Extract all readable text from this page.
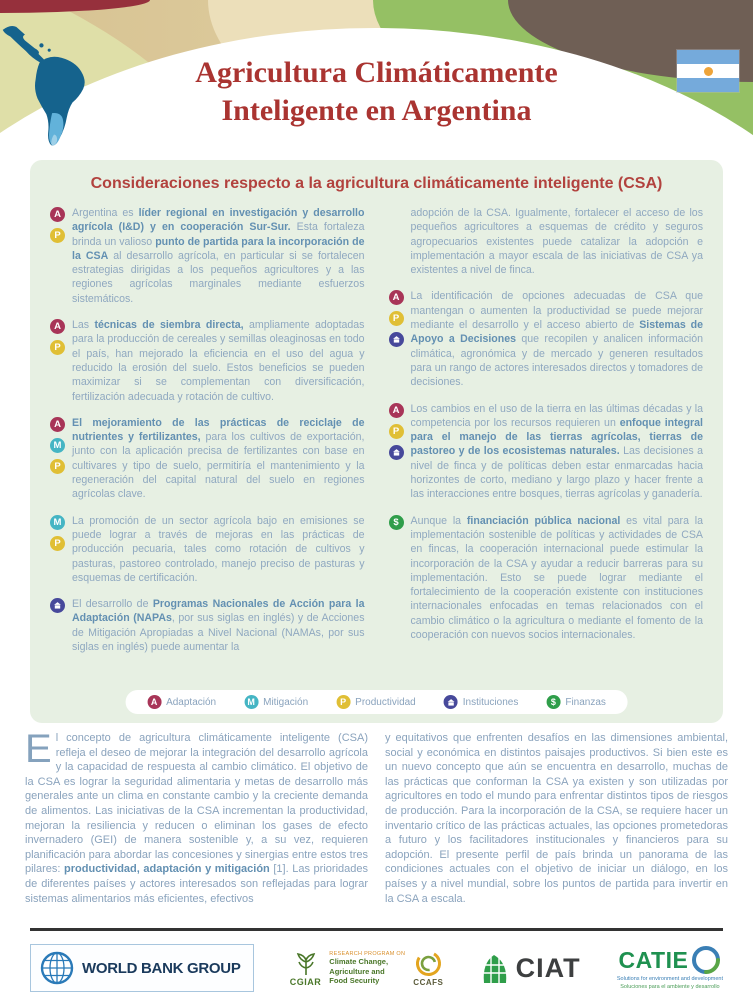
Agricultura Climáticamente
Inteligente en Argentina
Consideraciones respecto a la agricultura climáticamente inteligente (CSA)
A
P

Argentina es líder regional en investigación y desarrollo agrícola (I&D) y en cooperación Sur-Sur. Esta fortaleza brinda un valioso punto de partida para la incorporación de la CSA al desarrollo agrícola, en particular si se fortalecen estrategias dirigidas a los pequeños agricultores y a las regiones agrícolas marginales mediante esfuerzos sistemáticos.

A
P

Las técnicas de siembra directa, ampliamente adoptadas para la producción de cereales y semillas oleaginosas en todo el país, han mejorado la eficiencia en el uso del agua y reducido la erosión del suelo. Estos beneficios se pueden maximizar si se complementan con diversificación, fertilización adecuada y rotación de cultivo.

A
M
P

El mejoramiento de las prácticas de reciclaje de nutrientes y fertilizantes, para los cultivos de exportación, junto con la aplicación precisa de fertilizantes con base en cultivares y tipo de suelo, permitiría el mantenimiento y la regeneración del capital natural del suelo en regiones agrícolas clave.

M
P

La promoción de un sector agrícola bajo en emisiones se puede lograr a través de mejoras en las prácticas de producción pecuaria, tales como rotación de cultivos y pasturas, pastoreo controlado, manejo preciso de pasturas y esquemas de certificación.

El desarrollo de Programas Nacionales de Acción para la Adaptación (NAPAs, por sus siglas en inglés) y de Acciones de Mitigación Apropiadas a Nivel Nacional (NAMAs, por sus siglas en inglés) puede aumentar la

adopción de la CSA. Igualmente, fortalecer el acceso de los pequeños agricultores a esquemas de crédito y seguros agropecuarios existentes puede catalizar la adopción e implementación a mayor escala de las iniciativas de CSA ya existentes a nivel de finca.

A
P

La identificación de opciones adecuadas de CSA que mantengan o aumenten la productividad se puede mejorar mediante el desarrollo y el acceso abierto de Sistemas de Apoyo a Decisiones que recopilen y analicen información climática, agronómica y de mercado y generen resultados para un rango de actores interesados directos y tomadores de decisiones.

A
P

Los cambios en el uso de la tierra en las últimas décadas y la competencia por los recursos requieren un enfoque integral para el manejo de las tierras agrícolas, tierras de pastoreo y de los ecosistemas naturales. Las decisiones a nivel de finca y de políticas deben estar enmarcadas hacia horizontes de corto, mediano y largo plazo y hacer frente a las interacciones entre bosques, tierras agrícolas y ganadería.

$	Aunque la financiación pública nacional es vital para la implementación sostenible de políticas y actividades de CSA en fincas, la cooperación internacional puede estimular la incorporación de la CSA y ayudar a reducir barreras para su implementación. Esto se puede lograr mediante el fortalecimiento de la cooperación existente con instituciones internacionales enfocadas en temas relacionados con el cambio climático o la agricultura o mediante el fomento de la cooperación con nuevos socios internacionales.

A Adaptación	M Mitigación	P Productividad	Instituciones	$ Finanzas

El concepto de agricultura climáticamente inteligente (CSA) refleja el deseo de mejorar la integración del desarrollo agrícola y la capacidad de respuesta al cambio climático. El objetivo de la CSA es lograr la seguridad alimentaria y metas de desarrollo más generales ante un clima en constante cambio y la creciente demanda de alimentos. Las iniciativas de la CSA incrementan la productividad, mejoran la resiliencia y reducen o eliminan los gases de efecto invernadero (GEI) de manera sostenible y, a su vez, requieren planificación para abordar las concesiones y sinergias entre estos tres pilares: productividad, adaptación y mitigación [1]. Las prioridades de diferentes países y actores interesados son reflejadas para lograr sistemas alimentarios más eficientes, efectivos

y equitativos que enfrenten desafíos en las dimensiones ambiental, social y económica en distintos paisajes productivos. Si bien este es un nuevo concepto que aún se encuentra en desarrollo, muchas de las prácticas que conforman la CSA ya existen y son utilizadas por agricultores en todo el mundo para enfrentar distintos tipos de riesgos de producción. Para la incorporación de la CSA, se requiere hacer un inventario crítico de las prácticas actuales, las opciones prometedoras a futuro y los facilitadores institucionales y financieros para su adopción. El presente perfil de país brinda un panorama de las condiciones actuales con el objetivo de iniciar un diálogo, en los países y a nivel mundial, sobre los puntos de partida para invertir en la CSA a escala.

WORLD BANK GROUP
CGIAR
RESEARCH PROGRAM ON
Climate Change, Agriculture and Food Security	CCAFS	CIAT CATIE
Solutions for environment and development
Soluciones para el ambiente y desarrollo
